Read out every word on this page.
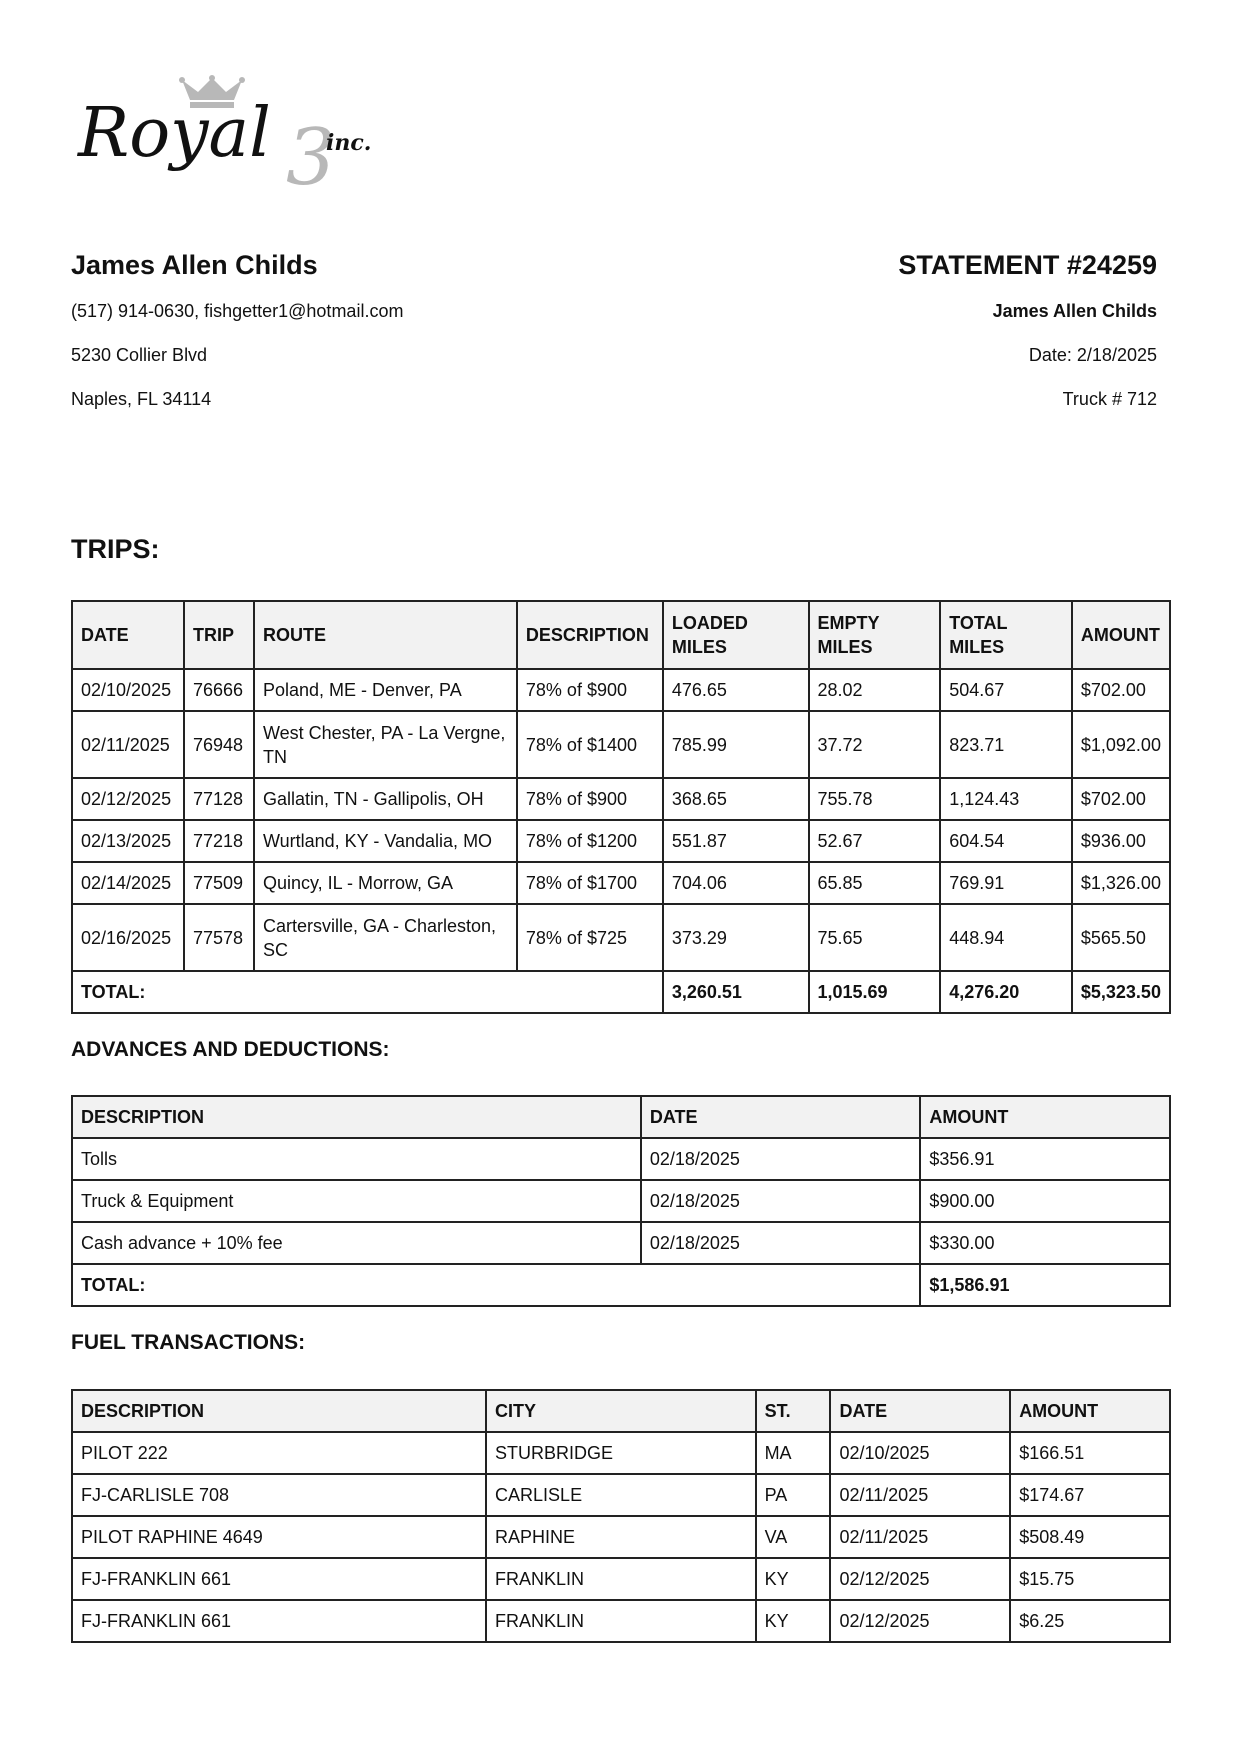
3
Royal	inc.
James Allen Childs
(517) 914-0630, fishgetter1@hotmail.com
5230 Collier Blvd
Naples, FL 34114
STATEMENT #24259
James Allen Childs
Date: 2/18/2025
Truck # 712
TRIPS:
DATE	TRIP	ROUTE	DESCRIPTION	LOADED MILES	EMPTY MILES	TOTAL MILES	AMOUNT
02/10/2025	76666	Poland, ME - Denver, PA	78% of $900	476.65	28.02	504.67	$702.00
02/11/2025	76948	West Chester, PA - La Vergne, TN	78% of $1400	785.99	37.72	823.71	$1,092.00
02/12/2025	77128	Gallatin, TN - Gallipolis, OH	78% of $900	368.65	755.78	1,124.43	$702.00
02/13/2025	77218	Wurtland, KY - Vandalia, MO	78% of $1200	551.87	52.67	604.54	$936.00
02/14/2025	77509	Quincy, IL - Morrow, GA	78% of $1700	704.06	65.85	769.91	$1,326.00
02/16/2025	77578	Cartersville, GA - Charleston, SC	78% of $725	373.29	75.65	448.94	$565.50
TOTAL:				3,260.51	1,015.69	4,276.20	$5,323.50
ADVANCES AND DEDUCTIONS:
DESCRIPTION	DATE	AMOUNT
Tolls	02/18/2025	$356.91
Truck & Equipment	02/18/2025	$900.00
Cash advance + 10% fee	02/18/2025	$330.00
TOTAL:		$1,586.91
FUEL TRANSACTIONS:
DESCRIPTION	CITY	ST.	DATE	AMOUNT
PILOT 222	STURBRIDGE	MA	02/10/2025	$166.51
FJ-CARLISLE 708	CARLISLE	PA	02/11/2025	$174.67
PILOT RAPHINE 4649	RAPHINE	VA	02/11/2025	$508.49
FJ-FRANKLIN 661	FRANKLIN	KY	02/12/2025	$15.75
FJ-FRANKLIN 661	FRANKLIN	KY	02/12/2025	$6.25
